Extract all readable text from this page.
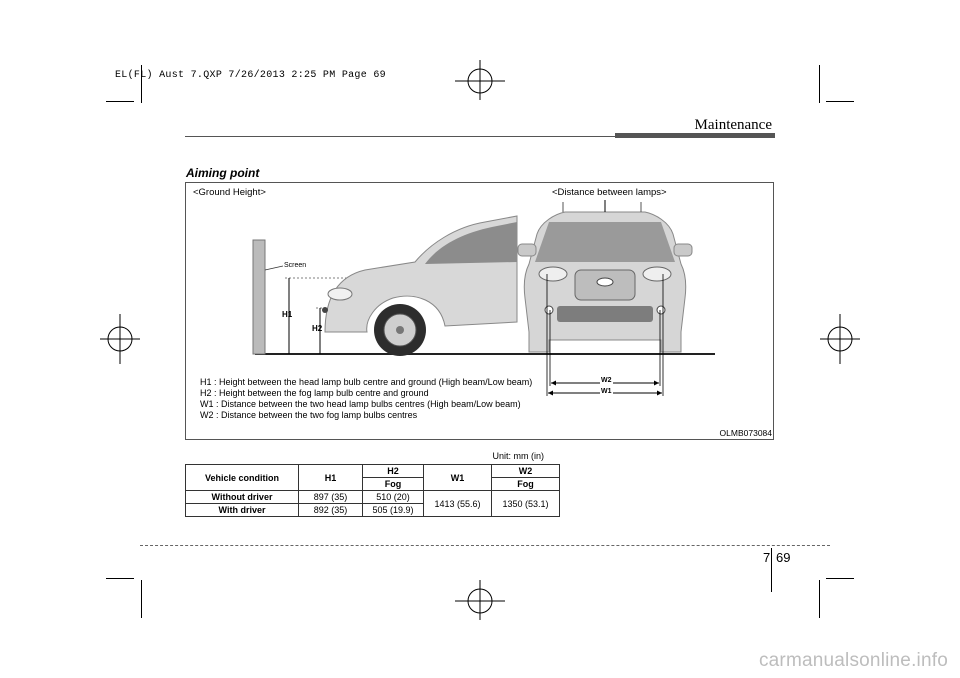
EL(FL) Aust 7.QXP 7/26/2013 2:25 PM Page 69
Maintenance
Aiming point
<Ground Height>	<Distance between lamps>
Screen
H1
H2
W2
W1
H1 : Height between the head lamp bulb centre and ground (High beam/Low beam)
H2 : Height between the fog lamp bulb centre and ground
W1 : Distance between the two head lamp bulbs centres (High beam/Low beam)
W2 : Distance between the two fog lamp bulbs centres
OLMB073084
Unit: mm (in)
Vehicle condition	H1	H2	W1	W2
		Fog		Fog
Without driver	897 (35)	510 (20)	1413 (55.6)	1350 (53.1)
With driver	892 (35)	505 (19.9)		
7 69
carmanualsonline.info
